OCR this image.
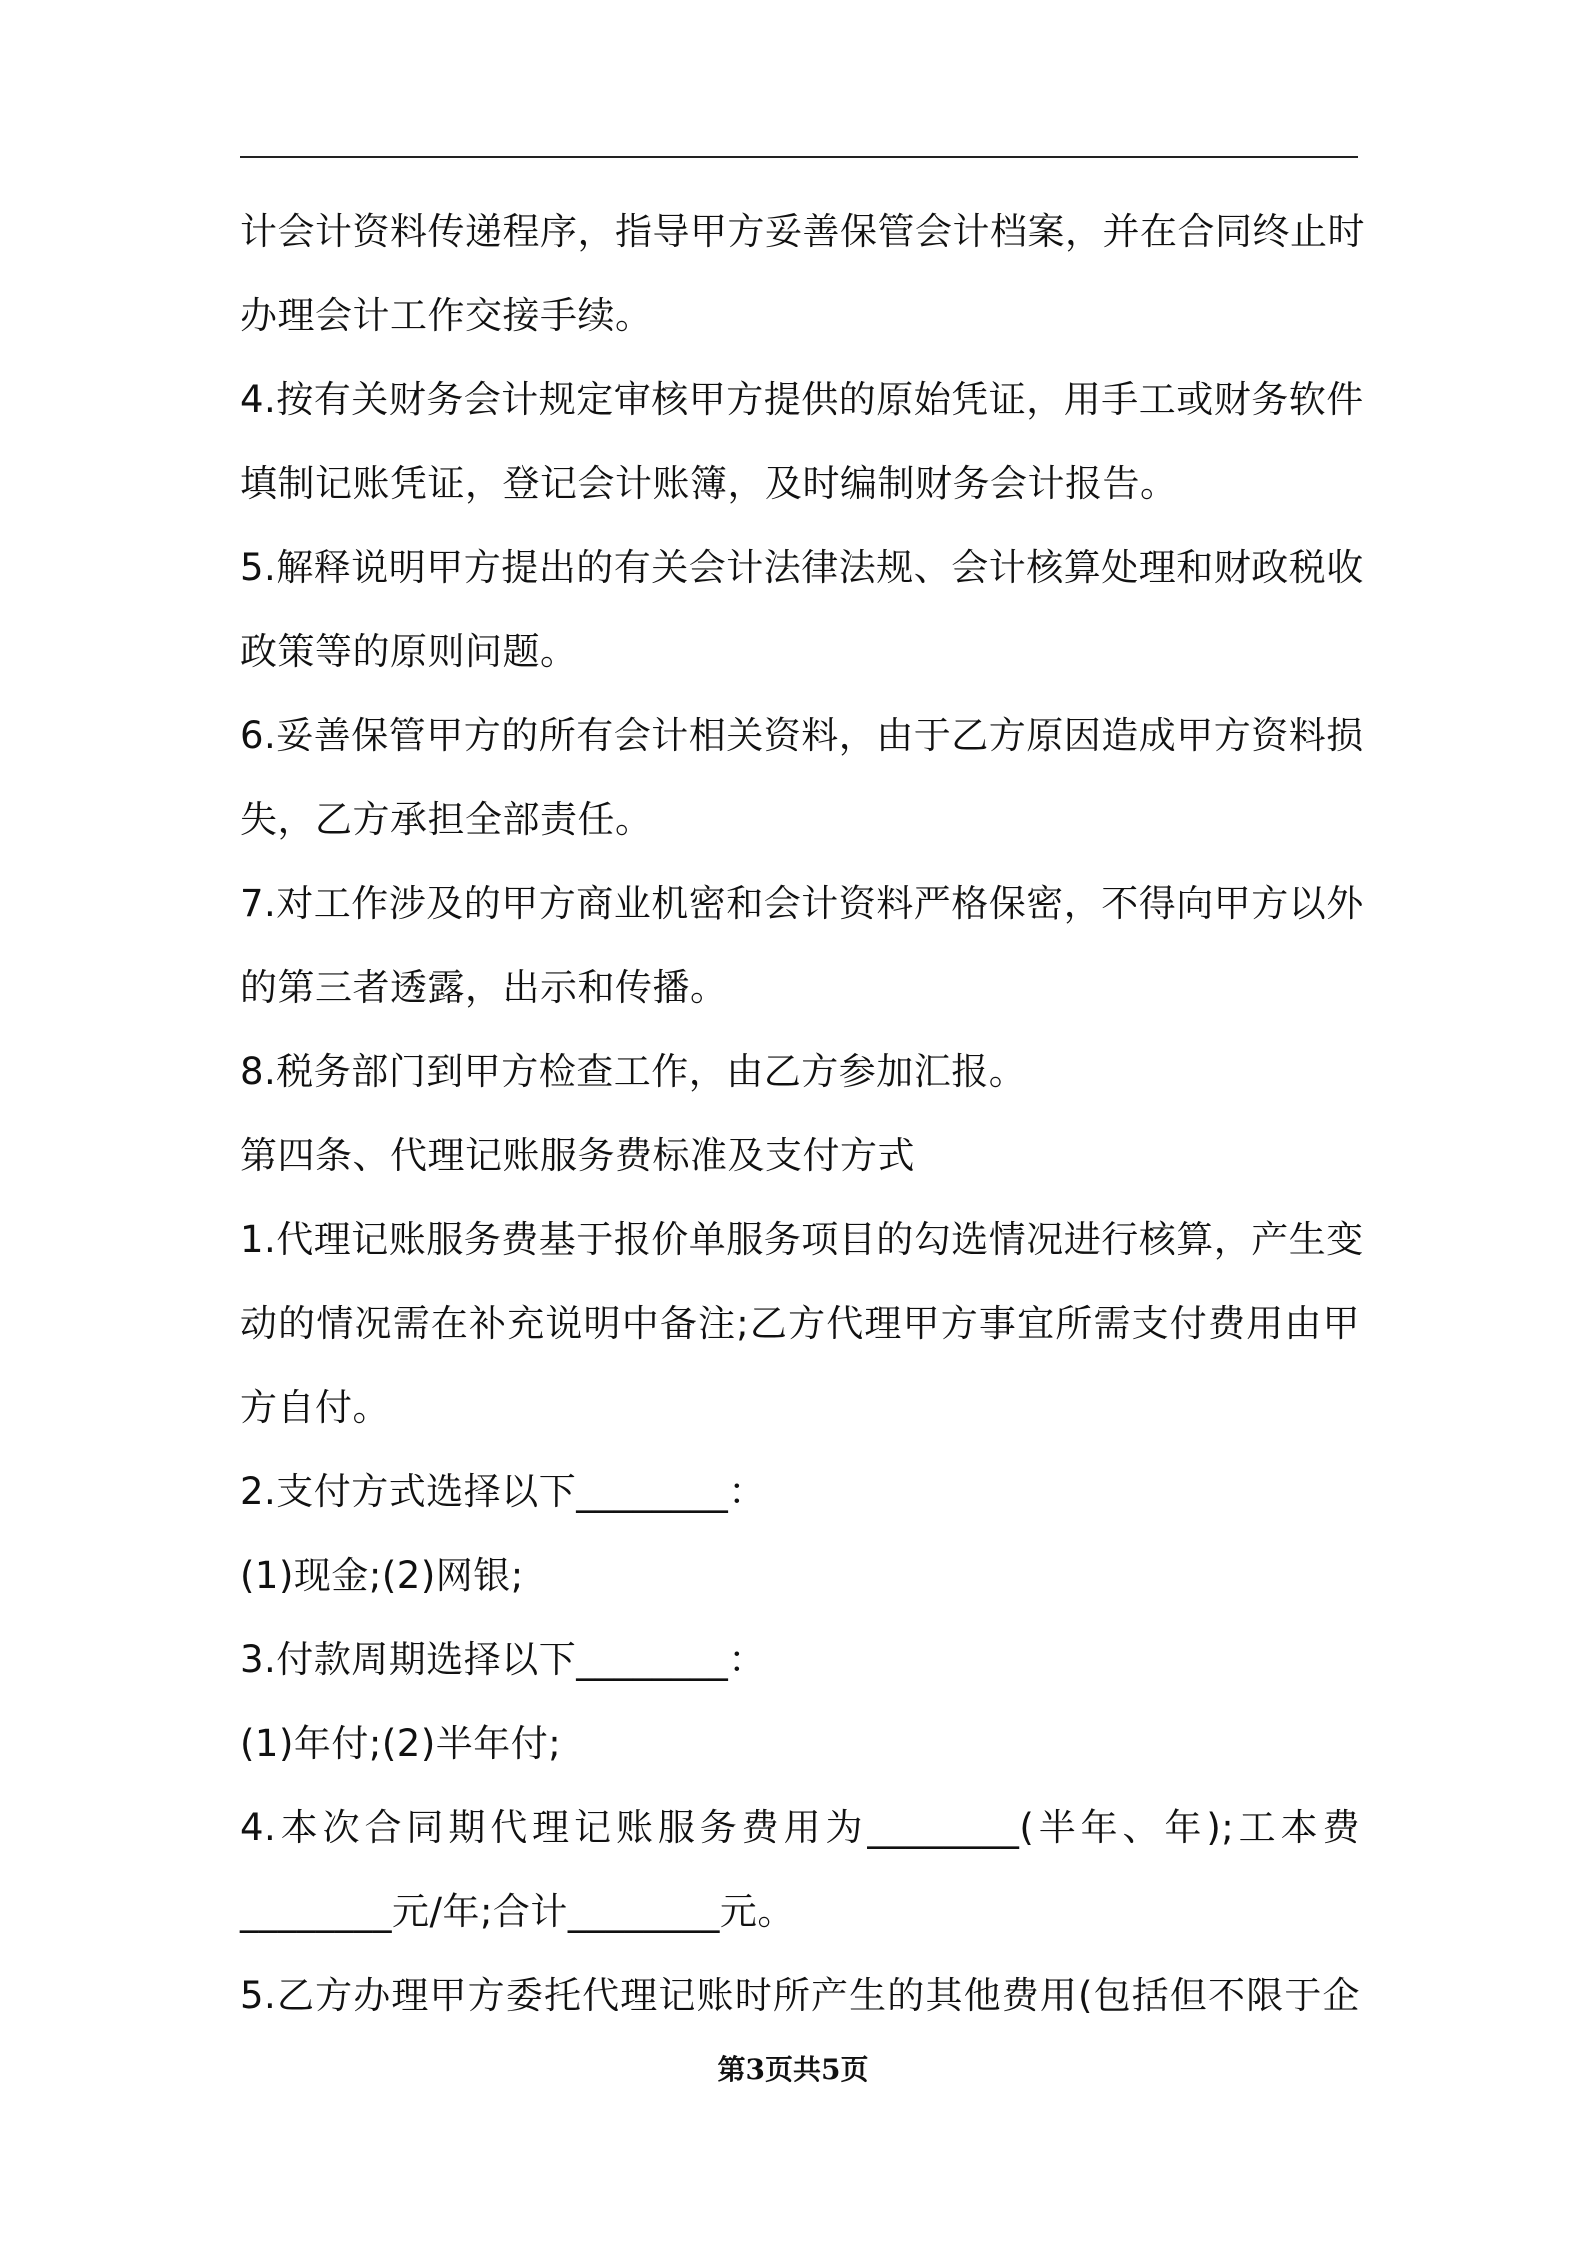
计会计资料传递程序，指导甲方妥善保管会计档案，并在合同终止时
办理会计工作交接手续。
4.按有关财务会计规定审核甲方提供的原始凭证，用手工或财务软件
填制记账凭证，登记会计账簿，及时编制财务会计报告。
5.解释说明甲方提出的有关会计法律法规、会计核算处理和财政税收
政策等的原则问题。
6.妥善保管甲方的所有会计相关资料，由于乙方原因造成甲方资料损
失，乙方承担全部责任。
7.对工作涉及的甲方商业机密和会计资料严格保密，不得向甲方以外
的第三者透露，出示和传播。
8.税务部门到甲方检查工作，由乙方参加汇报。
第四条、代理记账服务费标准及支付方式
1.代理记账服务费基于报价单服务项目的勾选情况进行核算，产生变
动的情况需在补充说明中备注;乙方代理甲方事宜所需支付费用由甲
方自付。
2.支付方式选择以下________：
(1)现金;(2)网银;
3.付款周期选择以下________：
(1)年付;(2)半年付;
4.本次合同期代理记账服务费用为________(半年、年);工本费
________元/年;合计________元。
5.乙方办理甲方委托代理记账时所产生的其他费用(包括但不限于企
第3页共5页
